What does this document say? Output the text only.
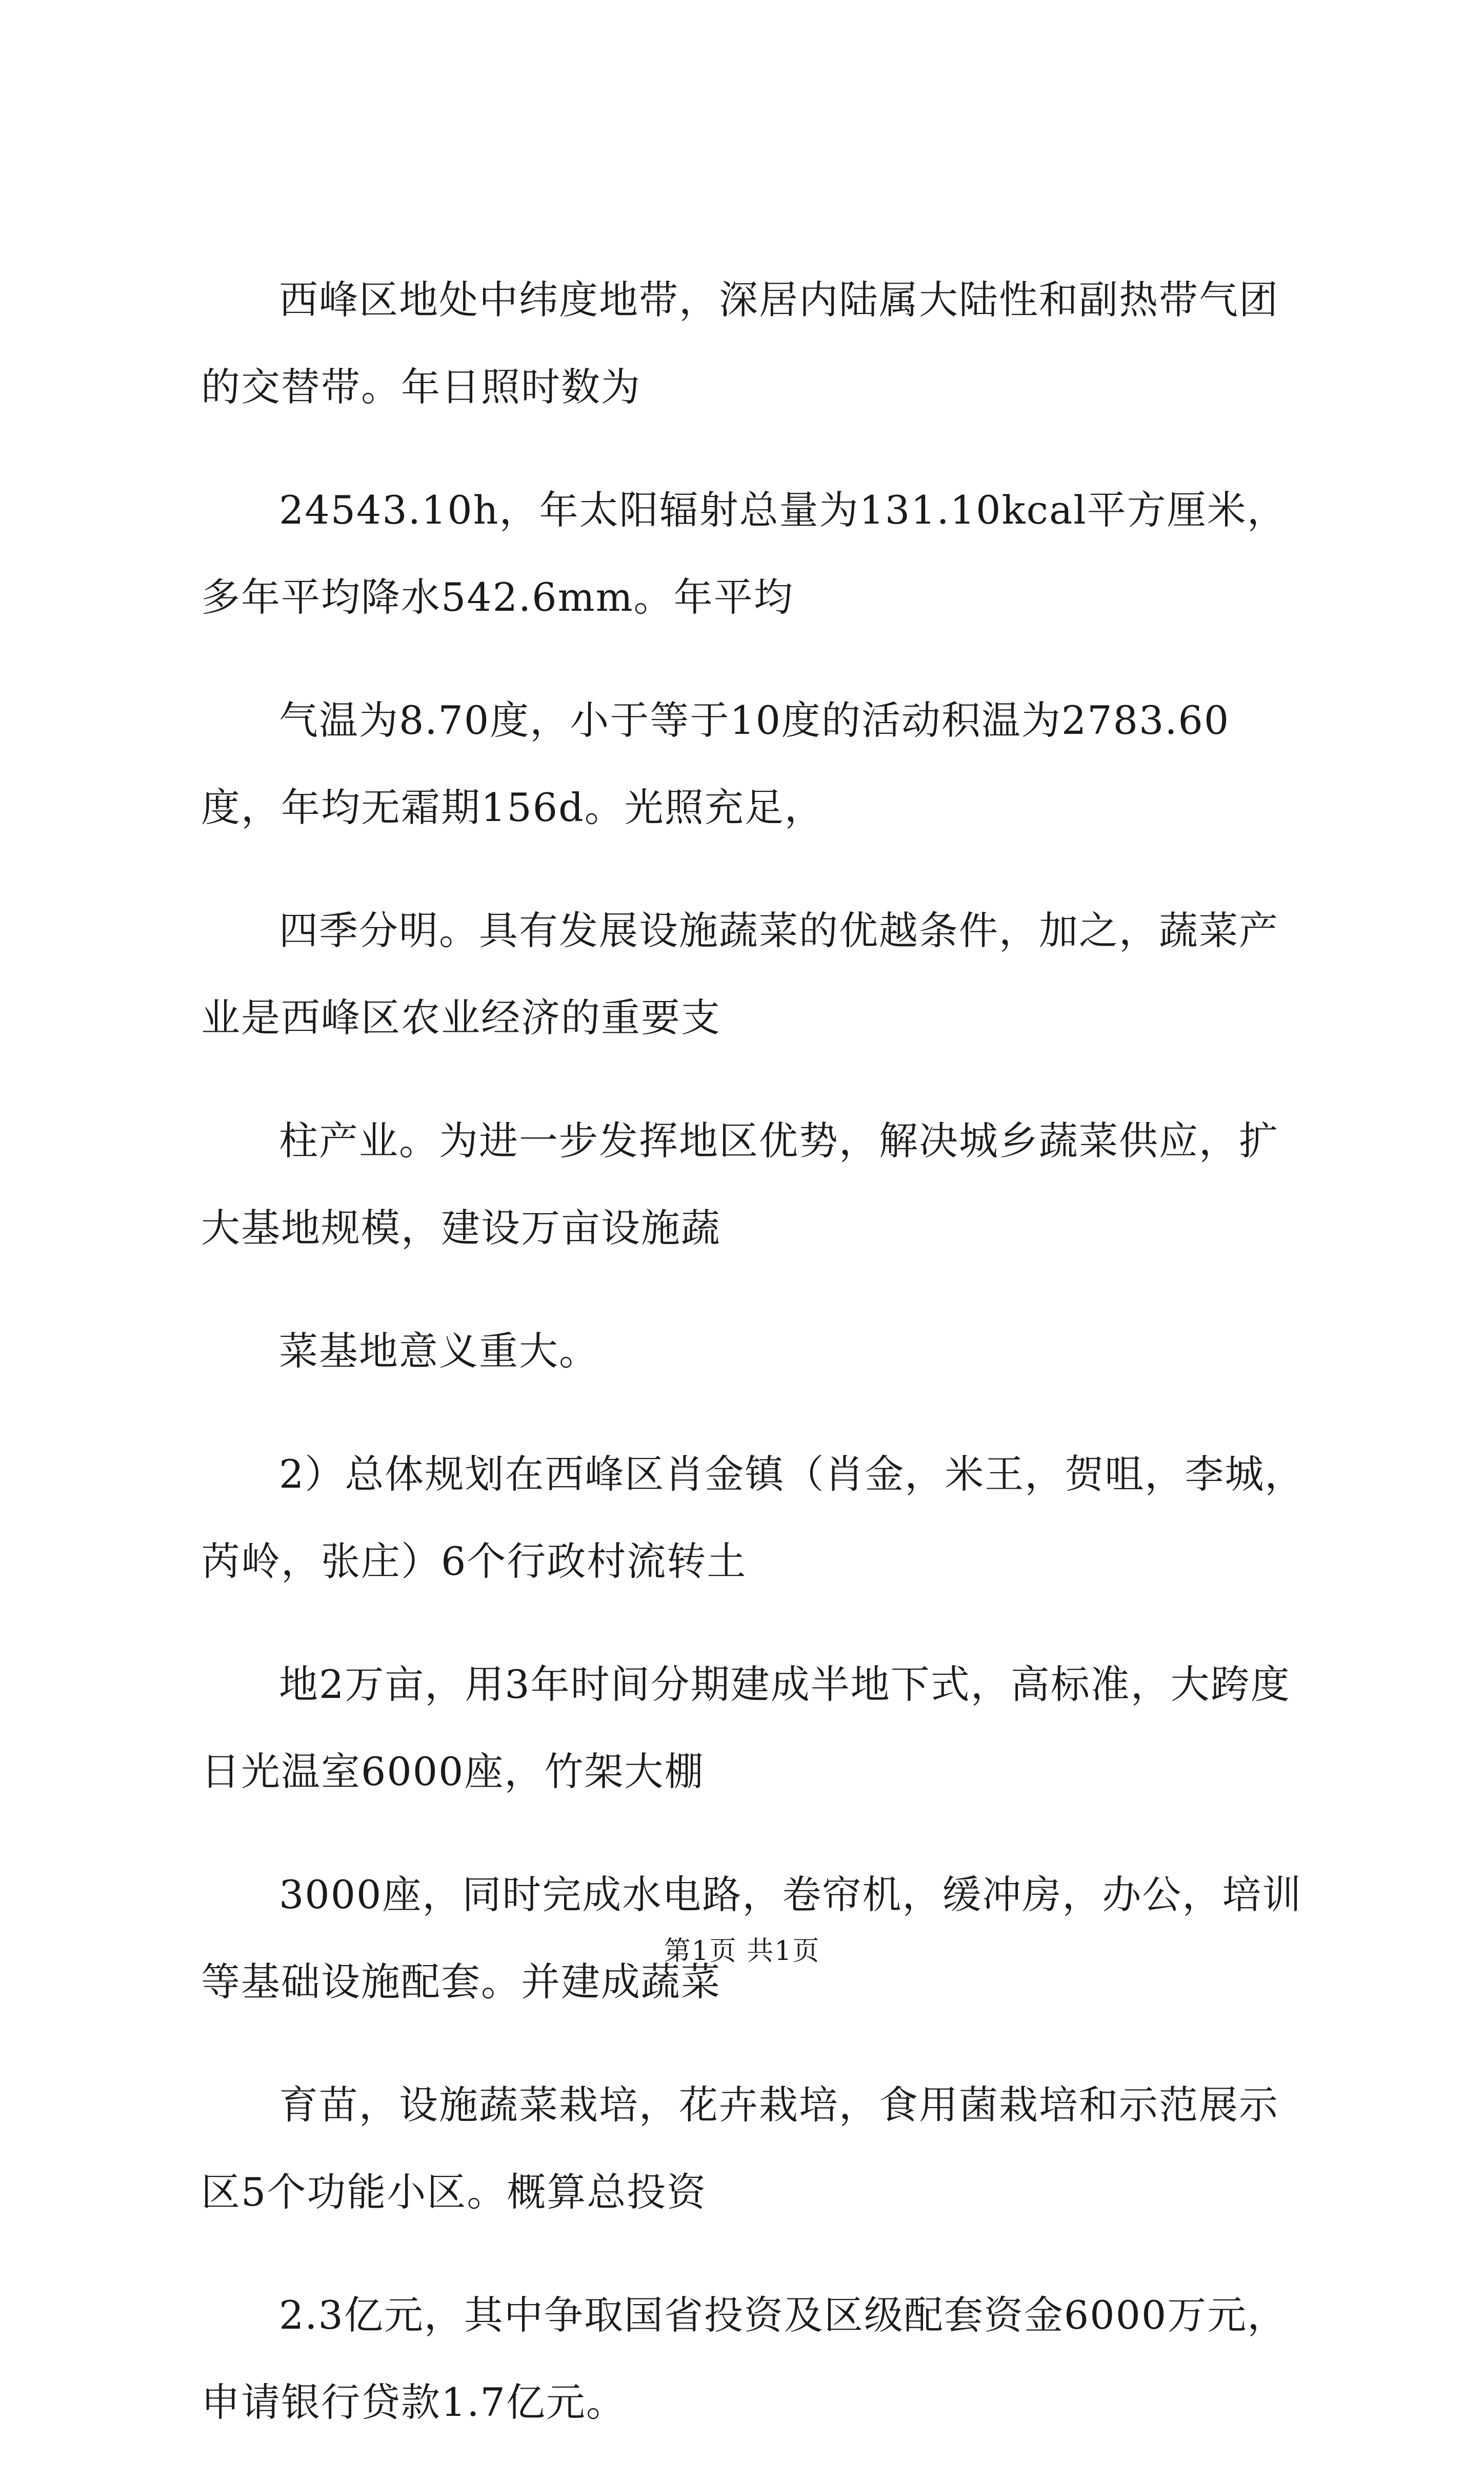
西峰区地处中纬度地带，深居内陆属大陆性和副热带气团的交替带。年日照时数为

24543.10h，年太阳辐射总量为131.10kcal平方厘米，多年平均降水542.6mm。年平均

气温为8.70度，小于等于10度的活动积温为2783.60度，年均无霜期156d。光照充足，

四季分明。具有发展设施蔬菜的优越条件，加之，蔬菜产业是西峰区农业经济的重要支

柱产业。为进一步发挥地区优势，解决城乡蔬菜供应，扩大基地规模，建设万亩设施蔬

菜基地意义重大。

2）总体规划在西峰区肖金镇（肖金，米王，贺咀，李城，芮岭，张庄）6个行政村流转土

地2万亩，用3年时间分期建成半地下式，高标准，大跨度日光温室6000座，竹架大棚

3000座，同时完成水电路，卷帘机，缓冲房，办公，培训等基础设施配套。并建成蔬菜

育苗，设施蔬菜栽培，花卉栽培，食用菌栽培和示范展示区5个功能小区。概算总投资

2.3亿元，其中争取国省投资及区级配套资金6000万元，申请银行贷款1.7亿元。

第1页 共1页
